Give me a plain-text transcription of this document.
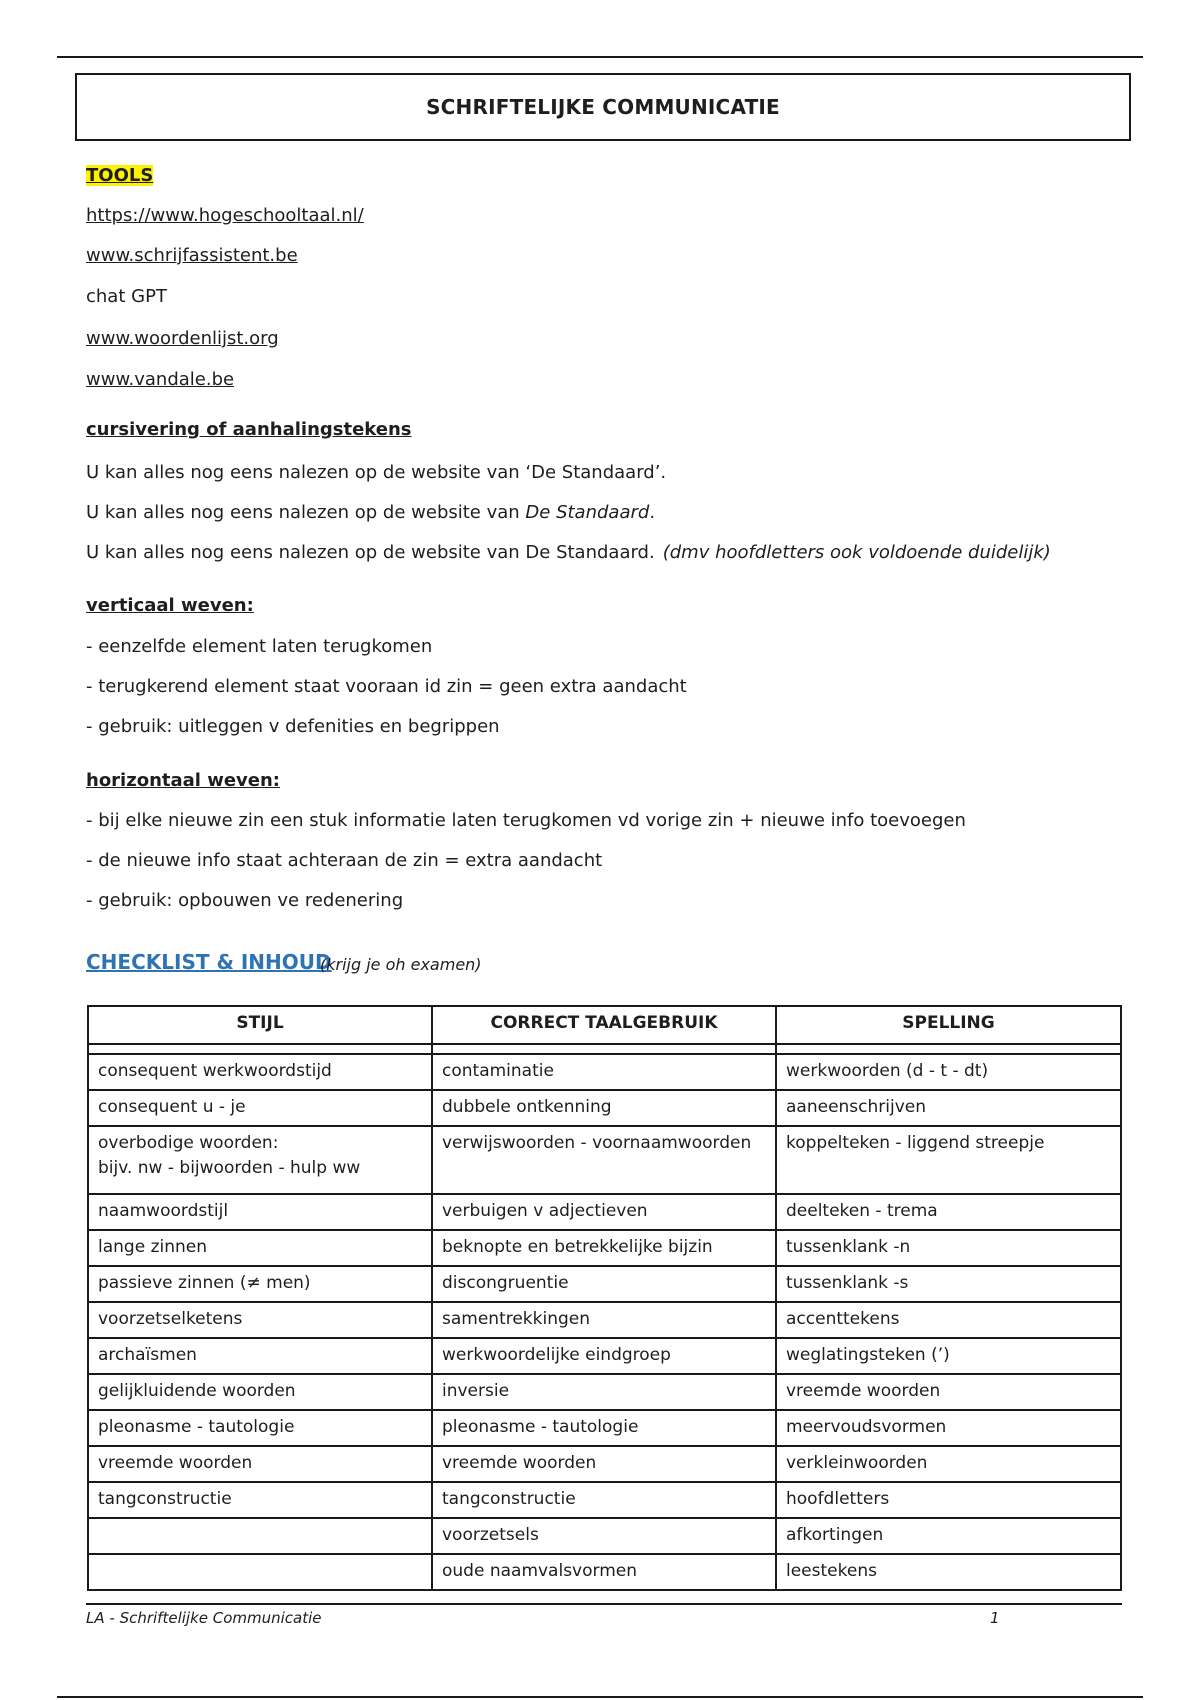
SCHRIFTELIJKE COMMUNICATIE
TOOLS
https://www.hogeschooltaal.nl/
www.schrijfassistent.be
chat GPT
www.woordenlijst.org
www.vandale.be
cursivering of aanhalingstekens
U kan alles nog eens nalezen op de website van ‘De Standaard’.
U kan alles nog eens nalezen op de website van De Standaard.
U kan alles nog eens nalezen op de website van De Standaard. (dmv hoofdletters ook voldoende duidelijk)
verticaal weven:
- eenzelfde element laten terugkomen
- terugkerend element staat vooraan id zin = geen extra aandacht
- gebruik: uitleggen v defenities en begrippen
horizontaal weven:
- bij elke nieuwe zin een stuk informatie laten terugkomen vd vorige zin + nieuwe info toevoegen
- de nieuwe info staat achteraan de zin = extra aandacht
- gebruik: opbouwen ve redenering
CHECKLIST & INHOUD
(krijg je oh examen)
STIJL	CORRECT TAALGEBRUIK	SPELLING

consequent werkwoordstijd	contaminatie	werkwoorden (d - t - dt)
consequent u - je	dubbele ontkenning	aaneenschrijven

overbodige woorden:
bijv. nw - bijwoorden - hulp ww	verwijswoorden - voornaamwoorden	koppelteken - liggend streepje
naamwoordstijl	verbuigen v adjectieven	deelteken - trema
lange zinnen	beknopte en betrekkelijke bijzin	tussenklank -n
passieve zinnen (≠ men)	discongruentie	tussenklank -s
voorzetselketens	samentrekkingen	accenttekens
archaïsmen	werkwoordelijke eindgroep	weglatingsteken (’)
gelijkluidende woorden	inversie	vreemde woorden
pleonasme - tautologie	pleonasme - tautologie	meervoudsvormen
vreemde woorden	vreemde woorden	verkleinwoorden
tangconstructie	tangconstructie	hoofdletters
	voorzetsels	afkortingen
	oude naamvalsvormen	leestekens
LA - Schriftelijke Communicatie	1
